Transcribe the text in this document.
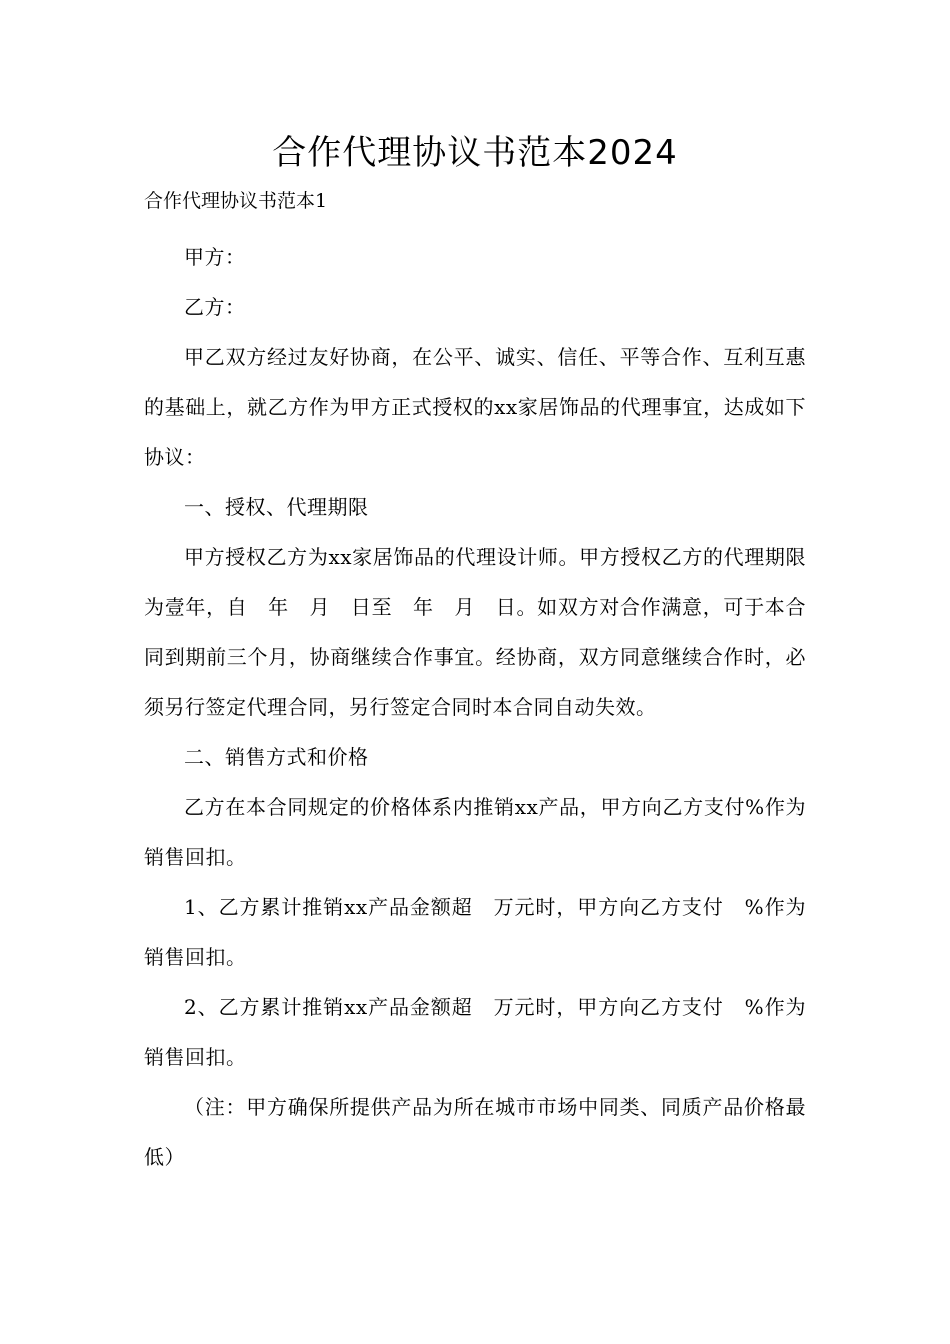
合作代理协议书范本2024
合作代理协议书范本1

甲方：

乙方：

甲乙双方经过友好协商，在公平、诚实、信任、平等合作、互利互惠的基础上，就乙方作为甲方正式授权的xx家居饰品的代理事宜，达成如下协议：

一、授权、代理期限

甲方授权乙方为xx家居饰品的代理设计师。甲方授权乙方的代理期限为壹年，自　年　月　日至　年　月　日。如双方对合作满意，可于本合同到期前三个月，协商继续合作事宜。经协商，双方同意继续合作时，必须另行签定代理合同，另行签定合同时本合同自动失效。

二、销售方式和价格

乙方在本合同规定的价格体系内推销xx产品，甲方向乙方支付%作为销售回扣。

1、乙方累计推销xx产品金额超　万元时，甲方向乙方支付　%作为销售回扣。

2、乙方累计推销xx产品金额超　万元时，甲方向乙方支付　%作为销售回扣。

（注：甲方确保所提供产品为所在城市市场中同类、同质产品价格最低）
